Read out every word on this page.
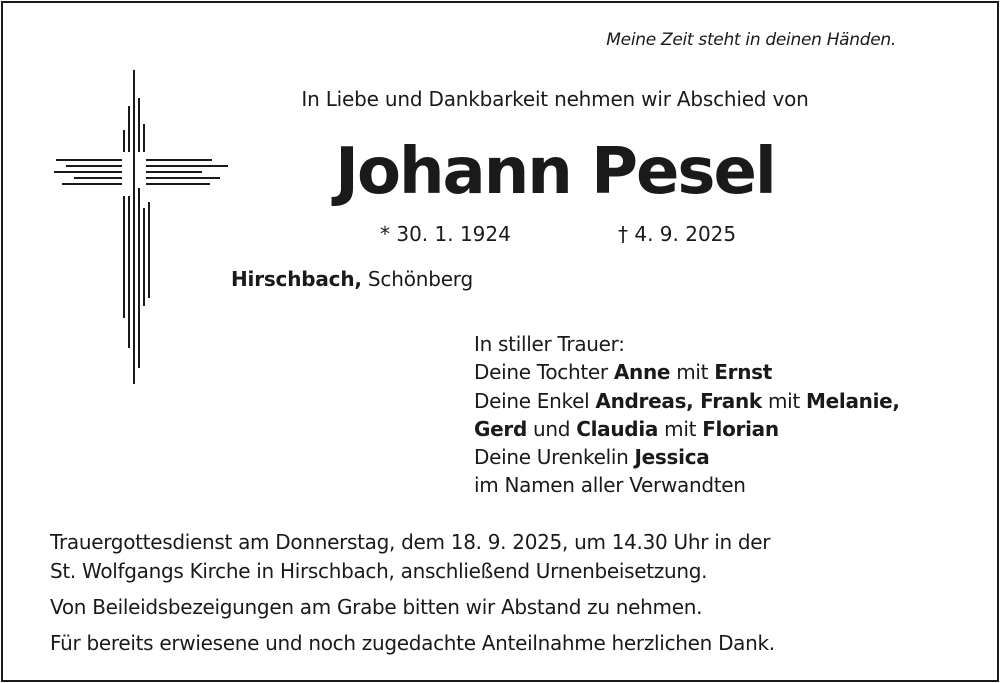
Meine Zeit steht in deinen Händen.
In Liebe und Dankbarkeit nehmen wir Abschied von
Johann Pesel
* 30. 1. 1924	† 4. 9. 2025
Hirschbach, Schönberg
In stiller Trauer:
Deine Tochter Anne mit Ernst
Deine Enkel Andreas, Frank mit Melanie,
Gerd und Claudia mit Florian
Deine Urenkelin Jessica
im Namen aller Verwandten

Trauergottesdienst am Donnerstag, dem 18. 9. 2025, um 14.30 Uhr in der

St. Wolfgangs Kirche in Hirschbach, anschließend Urnenbeisetzung.

Von Beileidsbezeigungen am Grabe bitten wir Abstand zu nehmen.

Für bereits erwiesene und noch zugedachte Anteilnahme herzlichen Dank.
